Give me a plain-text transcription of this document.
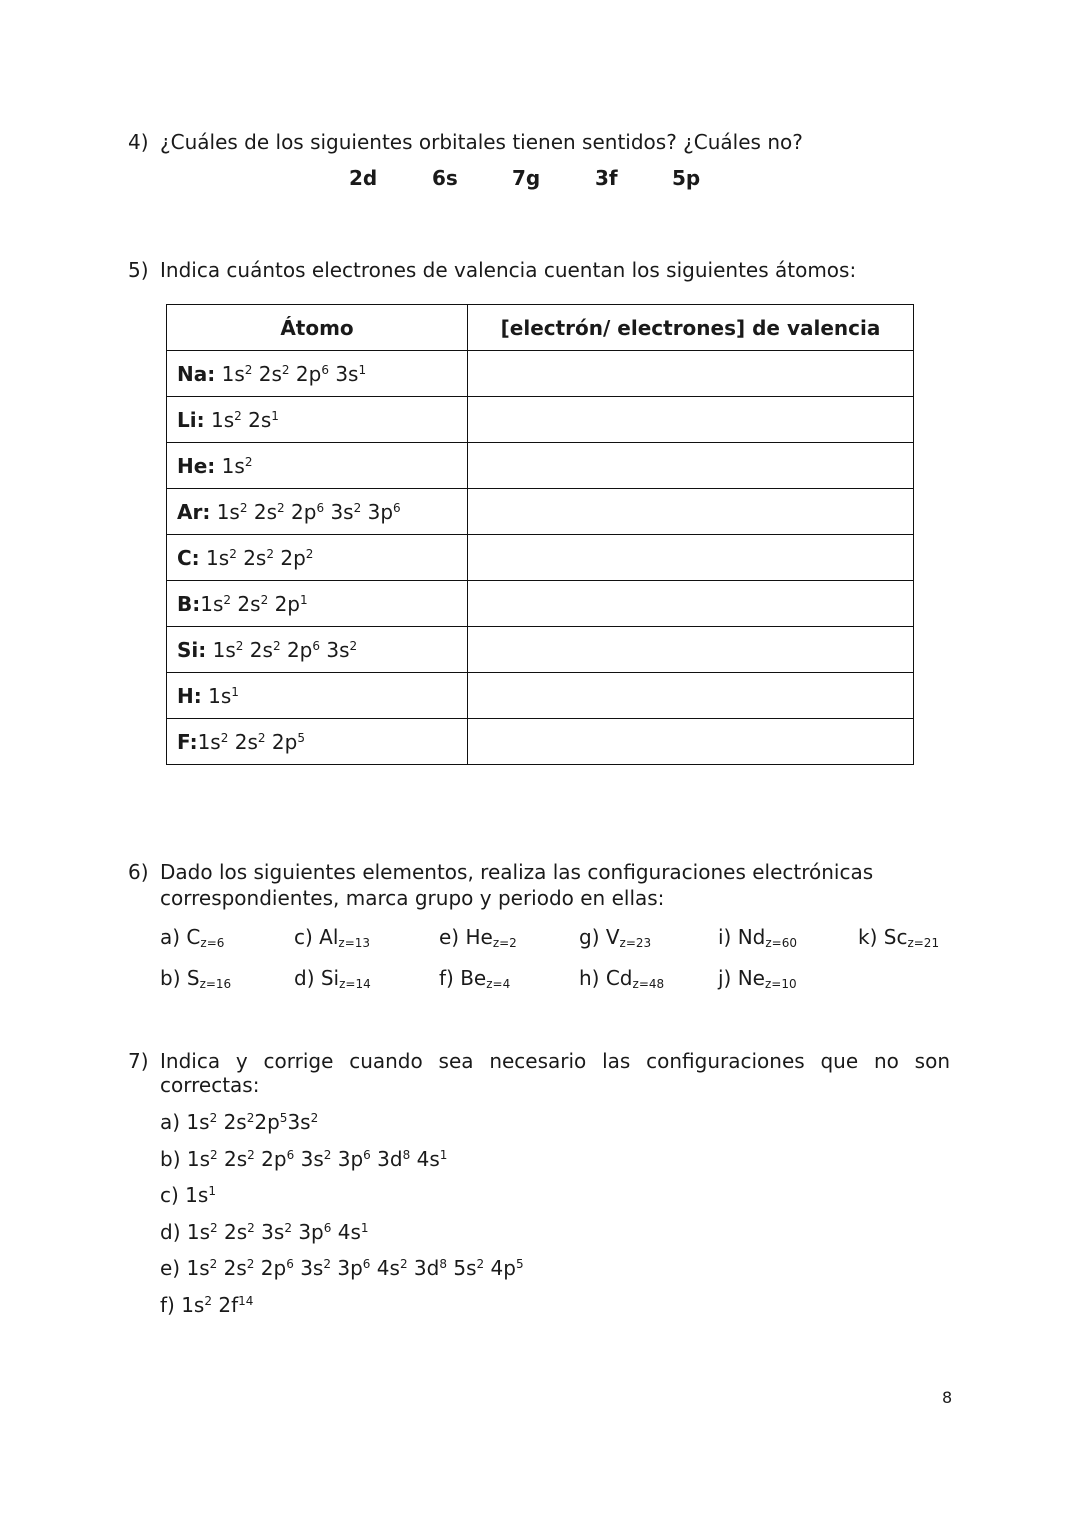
4) ¿Cuáles de los siguientes orbitales tienen sentidos? ¿Cuáles no?
2d	6s	7g	3f	5p
5) Indica cuántos electrones de valencia cuentan los siguientes átomos:
Átomo	[electrón/ electrones] de valencia
Na: $1s^2$ $2s^2$ $2p^6$ $3s^1$	
Li: $1s^2$ $2s^1$	
He: $1s^2$	
Ar: $1s^2$ $2s^2$ $2p^6$ $3s^2$ $3p^6$	
C: $1s^2$ $2s^2$ $2p^2$	
$B:1s^2$ $2s^2$ $2p^1$	
Si: $1s^2$ $2s^2$ $2p^6$ $3s^2$	
H: $1s^1$	
$F:1s^2$ $2s^2$ $2p^5$	
6) Dado los siguientes elementos, realiza las configuraciones electrónicas
correspondientes, marca grupo y periodo en ellas:
a) $C_{z=6}$
b) $S_{z=16}$
c) $Al_{z=13}$
d) $Si_{z=14}$
e) $He_{z=2}$
f) $Be_{z=4}$
g) $V_{z=23}$
h) $Cd_{z=48}$
i) $Nd_{z=60}$
j) $Ne_{z=10}$
k) $Sc_{z=21}$
7) Indica y corrige cuando sea necesario las configuraciones que no son
correctas:
a) $1s^2$ $2s^22p^53s^2$
b) $1s^2$ $2s^2$ $2p^6$ $3s^2$ $3p^6$ $3d^8$ $4s^1$
c) $1s^1$
d) $1s^2$ $2s^2$ $3s^2$ $3p^6$ $4s^1$
e) $1s^2$ $2s^2$ $2p^6$ $3s^2$ $3p^6$ $4s^2$ $3d^8$ $5s^2$ $4p^5$
f) $1s^2$ $2f^{14}$
8
